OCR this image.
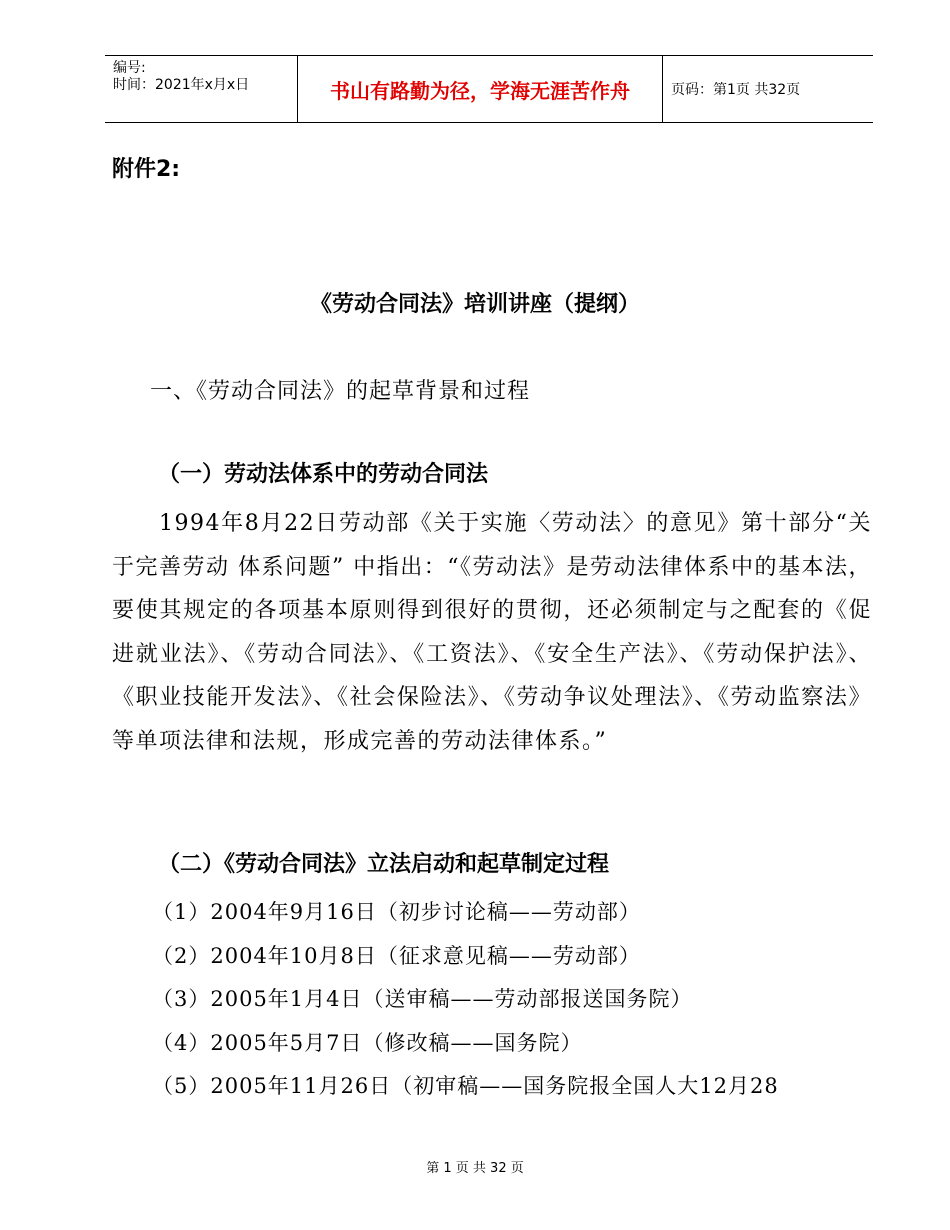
编号:
时间：2021年x月x日	书山有路勤为径，学海无涯苦作舟	页码：第1页 共32页
附件2:
《劳动合同法》培训讲座（提纲）
一、《劳动合同法》的起草背景和过程
（一）劳动法体系中的劳动合同法

1994年8月22日劳动部《关于实施〈劳动法〉的意见》第十部分“关于完善劳动 体系问题” 中指出：“《劳动法》是劳动法律体系中的基本法，要使其规定的各项基本原则得到很好的贯彻，还必须制定与之配套的《促进就业法》、《劳动合同法》、《工资法》、《安全生产法》、《劳动保护法》、《职业技能开发法》、《社会保险法》、《劳动争议处理法》、《劳动监察法》等单项法律和法规，形成完善的劳动法律体系。”

（二）《劳动合同法》立法启动和起草制定过程
（1）2004年9月16日（初步讨论稿——劳动部）
（2）2004年10月8日（征求意见稿——劳动部）
（3）2005年1月4日（送审稿——劳动部报送国务院）
（4）2005年5月7日（修改稿——国务院）
（5）2005年11月26日（初审稿——国务院报全国人大12月28
第 1 页 共 32 页
